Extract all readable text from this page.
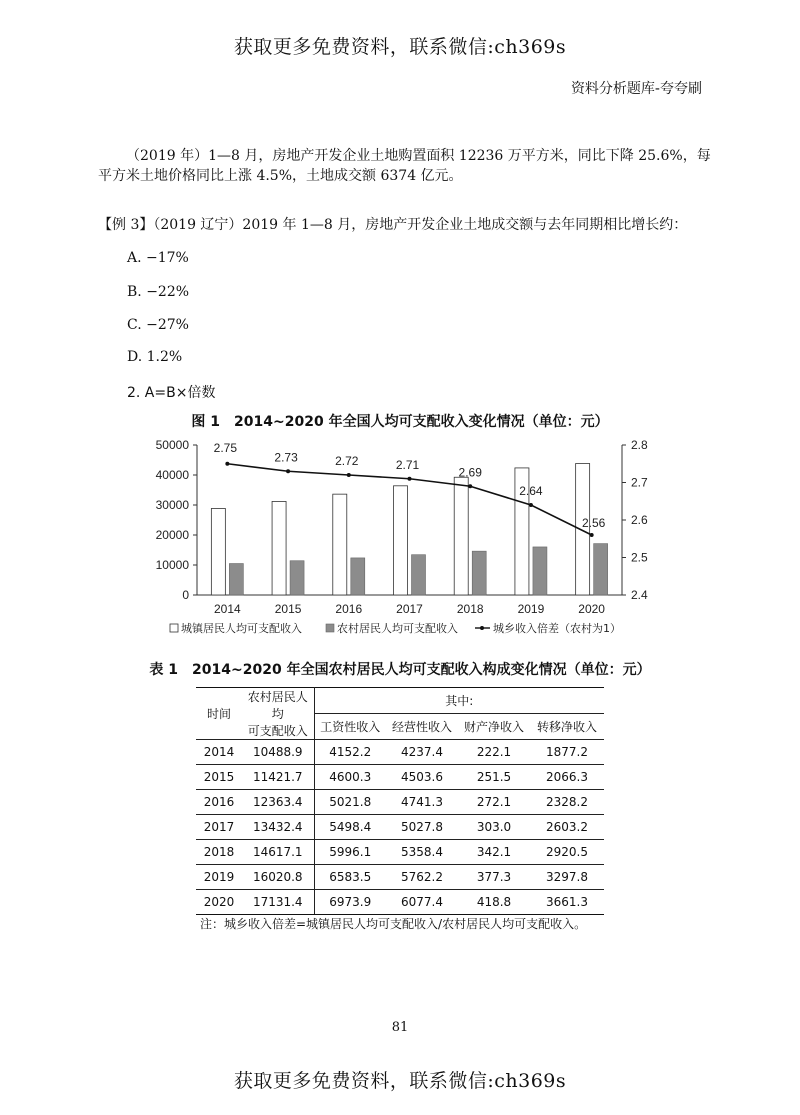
获取更多免费资料，联系微信:ch369s
资料分析题库-夸夸刷
（2019 年）1—8 月，房地产开发企业土地购置面积 12236 万平方米，同比下降 25.6%，每平方米土地价格同比上涨 4.5%，土地成交额 6374 亿元。
【例 3】（2019 辽宁）2019 年 1—8 月，房地产开发企业土地成交额与去年同期相比增长约：
A. −17%
B. −22%
C. −27%
D. 1.2%
2. A=B×倍数
图 1　2014~2020 年全国人均可支配收入变化情况（单位：元）
0
10000
20000
30000
40000
50000
2.4
2.5
2.6
2.7
2.8
2014	2015	2016	2017	2018	2019	2020
2.75
2.73	2.72	2.71
2.69
2.64
2.56
城镇居民人均可支配收入	农村居民人均可支配收入	城乡收入倍差（农村为1）
表 1　2014~2020 年全国农村居民人均可支配收入构成变化情况（单位：元）
时间	农村居民人均
可支配收入	其中:			
		工资性收入	经营性收入	财产净收入	转移净收入
2014	10488.9	4152.2	4237.4	222.1	1877.2
2015	11421.7	4600.3	4503.6	251.5	2066.3
2016	12363.4	5021.8	4741.3	272.1	2328.2
2017	13432.4	5498.4	5027.8	303.0	2603.2
2018	14617.1	5996.1	5358.4	342.1	2920.5
2019	16020.8	6583.5	5762.2	377.3	3297.8
2020	17131.4	6973.9	6077.4	418.8	3661.3
注：城乡收入倍差=城镇居民人均可支配收入/农村居民人均可支配收入。
81
获取更多免费资料，联系微信:ch369s
